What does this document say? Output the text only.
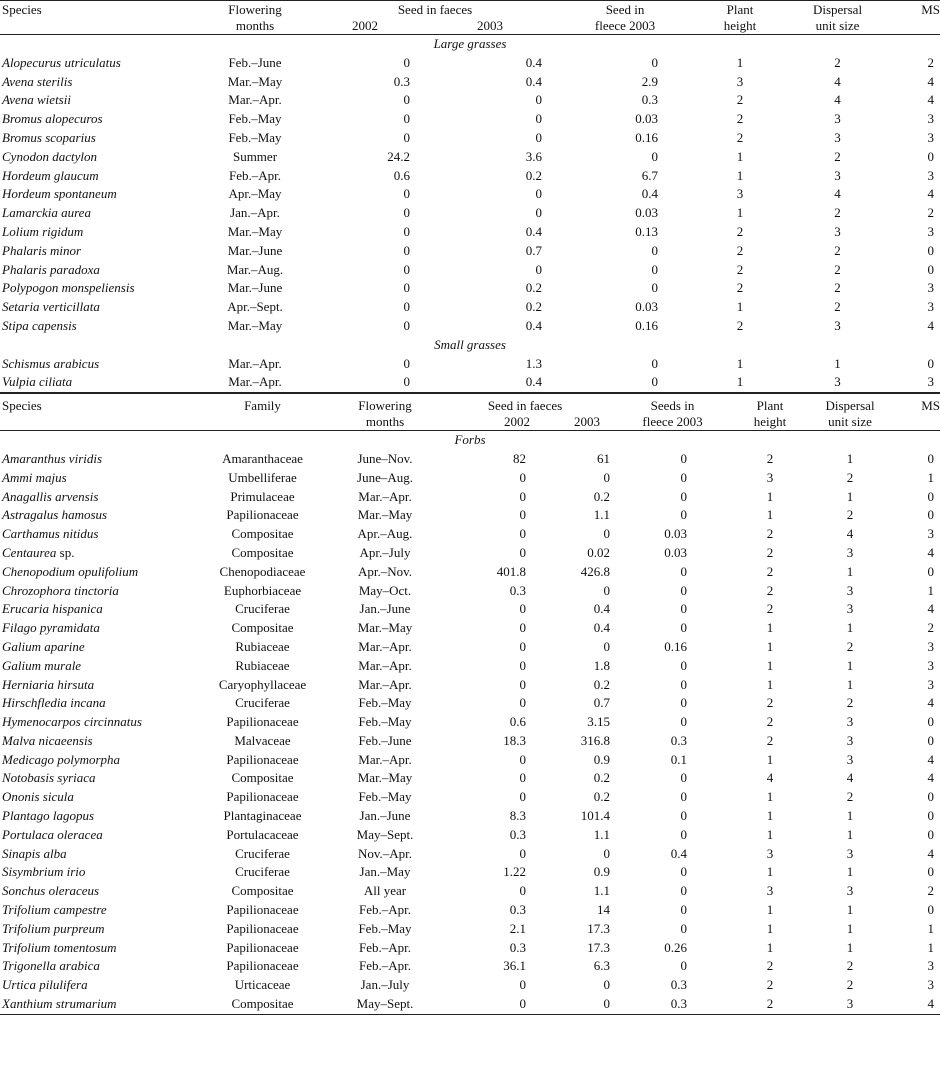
Species	Flowering	Seed in faeces		Seed in	Plant	Dispersal	MS
	months	2002	2003	fleece 2003	height	unit size	
Large grasses							
Alopecurus utriculatus	Feb.–June	0	0.4	0	1	2	2
Avena sterilis	Mar.–May	0.3	0.4	2.9	3	4	4
Avena wietsii	Mar.–Apr.	0	0	0.3	2	4	4
Bromus alopecuros	Feb.–May	0	0	0.03	2	3	3
Bromus scoparius	Feb.–May	0	0	0.16	2	3	3
Cynodon dactylon	Summer	24.2	3.6	0	1	2	0
Hordeum glaucum	Feb.–Apr.	0.6	0.2	6.7	1	3	3
Hordeum spontaneum	Apr.–May	0	0	0.4	3	4	4
Lamarckia aurea	Jan.–Apr.	0	0	0.03	1	2	2
Lolium rigidum	Mar.–May	0	0.4	0.13	2	3	3
Phalaris minor	Mar.–June	0	0.7	0	2	2	0
Phalaris paradoxa	Mar.–Aug.	0	0	0	2	2	0
Polypogon monspeliensis	Mar.–June	0	0.2	0	2	2	3
Setaria verticillata	Apr.–Sept.	0	0.2	0.03	1	2	3
Stipa capensis	Mar.–May	0	0.4	0.16	2	3	4
Small grasses							
Schismus arabicus	Mar.–Apr.	0	1.3	0	1	1	0
Vulpia ciliata	Mar.–Apr.	0	0.4	0	1	3	3
Species	Family	Flowering	Seed in faeces		Seeds in	Plant	Dispersal	MS
		months	2002	2003	fleece 2003	height	unit size	
Forbs								
Amaranthus viridis	Amaranthaceae	June–Nov.	82	61	0	2	1	0
Ammi majus	Umbelliferae	June–Aug.	0	0	0	3	2	1
Anagallis arvensis	Primulaceae	Mar.–Apr.	0	0.2	0	1	1	0
Astragalus hamosus	Papilionaceae	Mar.–May	0	1.1	0	1	2	0
Carthamus nitidus	Compositae	Apr.–Aug.	0	0	0.03	2	4	3
Centaurea sp.	Compositae	Apr.–July	0	0.02	0.03	2	3	4
Chenopodium opulifolium	Chenopodiaceae	Apr.–Nov.	401.8	426.8	0	2	1	0
Chrozophora tinctoria	Euphorbiaceae	May–Oct.	0.3	0	0	2	3	1
Erucaria hispanica	Cruciferae	Jan.–June	0	0.4	0	2	3	4
Filago pyramidata	Compositae	Mar.–May	0	0.4	0	1	1	2
Galium aparine	Rubiaceae	Mar.–Apr.	0	0	0.16	1	2	3
Galium murale	Rubiaceae	Mar.–Apr.	0	1.8	0	1	1	3
Herniaria hirsuta	Caryophyllaceae	Mar.–Apr.	0	0.2	0	1	1	3
Hirschfledia incana	Cruciferae	Feb.–May	0	0.7	0	2	2	4
Hymenocarpos circinnatus	Papilionaceae	Feb.–May	0.6	3.15	0	2	3	0
Malva nicaeensis	Malvaceae	Feb.–June	18.3	316.8	0.3	2	3	0
Medicago polymorpha	Papilionaceae	Mar.–Apr.	0	0.9	0.1	1	3	4
Notobasis syriaca	Compositae	Mar.–May	0	0.2	0	4	4	4
Ononis sicula	Papilionaceae	Feb.–May	0	0.2	0	1	2	0
Plantago lagopus	Plantaginaceae	Jan.–June	8.3	101.4	0	1	1	0
Portulaca oleracea	Portulacaceae	May–Sept.	0.3	1.1	0	1	1	0
Sinapis alba	Cruciferae	Nov.–Apr.	0	0	0.4	3	3	4
Sisymbrium irio	Cruciferae	Jan.–May	1.22	0.9	0	1	1	0
Sonchus oleraceus	Compositae	All year	0	1.1	0	3	3	2
Trifolium campestre	Papilionaceae	Feb.–Apr.	0.3	14	0	1	1	0
Trifolium purpreum	Papilionaceae	Feb.–May	2.1	17.3	0	1	1	1
Trifolium tomentosum	Papilionaceae	Feb.–Apr.	0.3	17.3	0.26	1	1	1
Trigonella arabica	Papilionaceae	Feb.–Apr.	36.1	6.3	0	2	2	3
Urtica pilulifera	Urticaceae	Jan.–July	0	0	0.3	2	2	3
Xanthium strumarium	Compositae	May–Sept.	0	0	0.3	2	3	4
